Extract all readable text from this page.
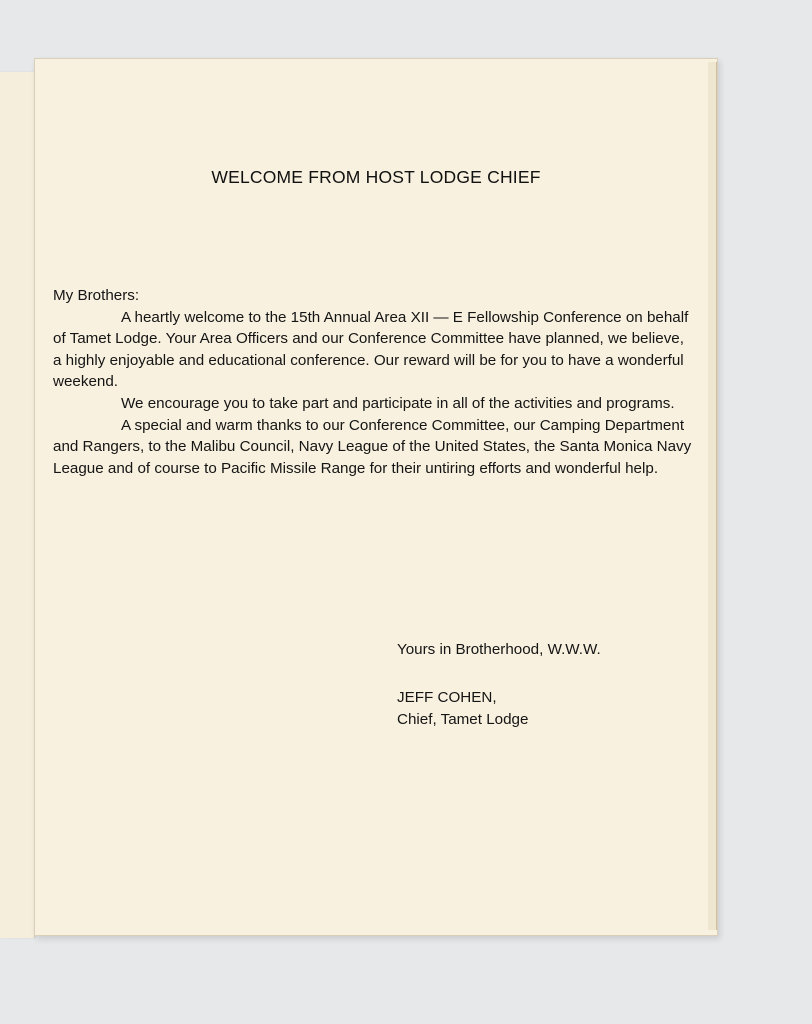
WELCOME FROM HOST LODGE CHIEF

My Brothers:

A heartly welcome to the 15th Annual Area XII — E Fellowship Conference on behalf of Tamet Lodge. Your Area Officers and our Conference Committee have planned, we believe, a highly enjoyable and educational conference. Our reward will be for you to have a wonderful weekend.

We encourage you to take part and participate in all of the activities and programs.

A special and warm thanks to our Conference Committee, our Camping Department and Rangers, to the Malibu Council, Navy League of the United States, the Santa Monica Navy League and of course to Pacific Missile Range for their untiring efforts and wonderful help.

Yours in Brotherhood, W.W.W.
JEFF COHEN,
Chief, Tamet Lodge
